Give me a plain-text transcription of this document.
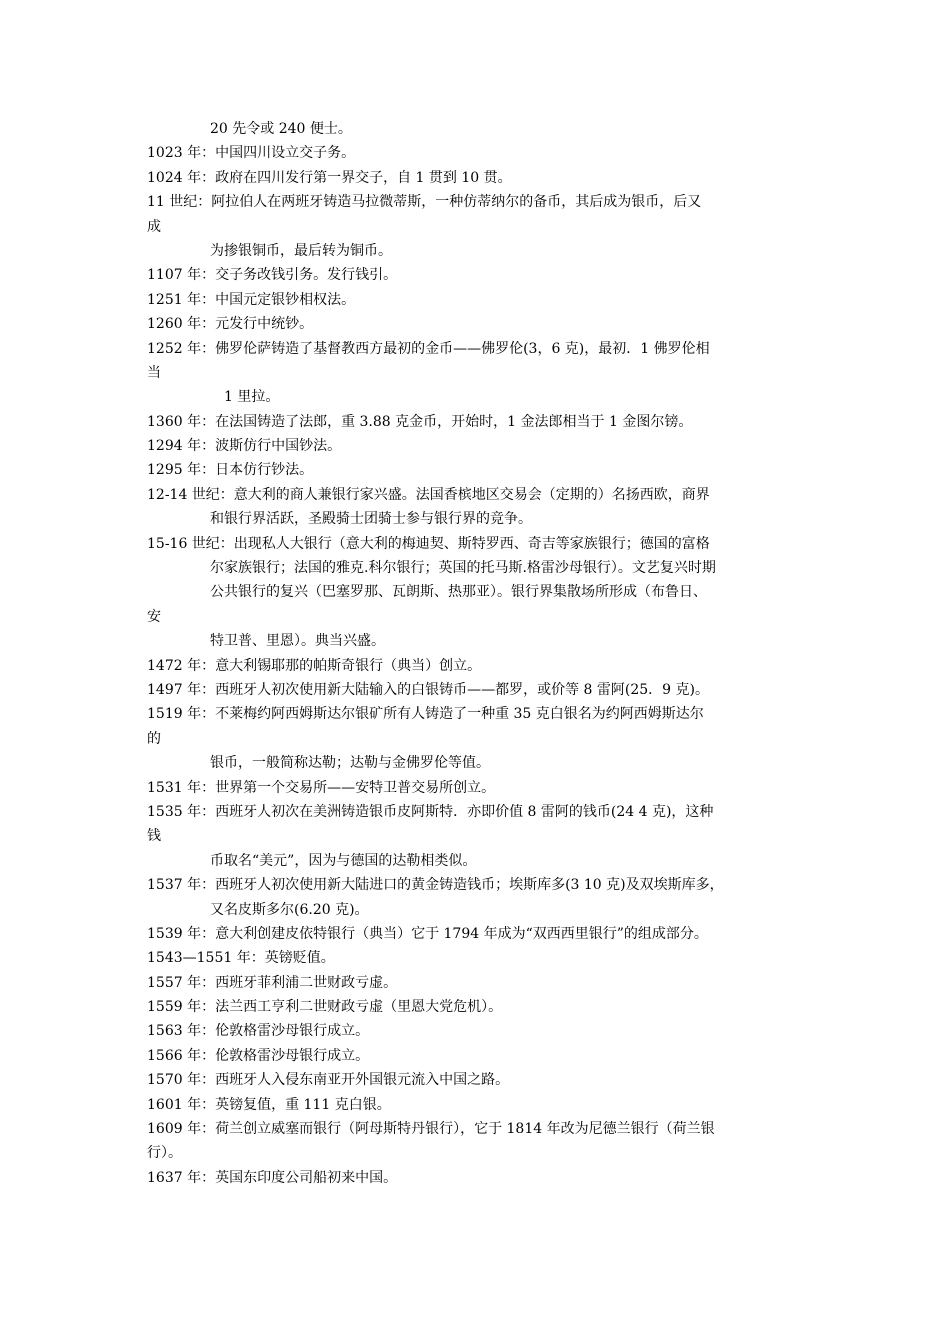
20 先令或 240 便士。
1023 年：中国四川设立交子务。
1024 年：政府在四川发行第一界交子，自 1 贯到 10 贯。
11 世纪：阿拉伯人在两班牙铸造马拉微蒂斯，一种仿蒂纳尔的备币，其后成为银币，后又
成
为掺银铜币，最后转为铜币。
1107 年：交子务改钱引务。发行钱引。
1251 年：中国元定银钞相权法。
1260 年：元发行中统钞。
1252 年：佛罗伦萨铸造了基督教西方最初的金币——佛罗伦(3，6 克)，最初．1 佛罗伦相
当
1 里拉。
1360 年：在法国铸造了法郎，重 3.88 克金币，开始时，1 金法郎相当于 1 金图尔镑。
1294 年：波斯仿行中国钞法。
1295 年：日本仿行钞法。
12-14 世纪：意大利的商人兼银行家兴盛。法国香槟地区交易会（定期的）名扬西欧，商界
和银行界活跃，圣殿骑士团骑士参与银行界的竞争。
15-16 世纪：出现私人大银行（意大利的梅迪契、斯特罗西、奇吉等家族银行；德国的富格
尔家族银行；法国的雅克.科尔银行；英国的托马斯.格雷沙母银行）。文艺复兴时期
公共银行的复兴（巴塞罗那、瓦朗斯、热那亚）。银行界集散场所形成（布鲁日、
安
特卫普、里恩）。典当兴盛。
1472 年：意大利锡耶那的帕斯奇银行（典当）创立。
1497 年：西班牙人初次使用新大陆输入的白银铸币——都罗，或价等 8 雷阿(25．9 克)。
1519 年：不莱梅约阿西姆斯达尔银矿所有人铸造了一种重 35 克白银名为约阿西姆斯达尔
的
银币，一般简称达勒；达勒与金佛罗伦等值。
1531 年：世界第一个交易所——安特卫普交易所创立。
1535 年：西班牙人初次在美洲铸造银币皮阿斯特．亦即价值 8 雷阿的钱币(24 4 克)，这种
钱
币取名“美元”，因为与德国的达勒相类似。
1537 年：西班牙人初次使用新大陆进口的黄金铸造钱币；埃斯库多(3 10 克)及双埃斯库多，
又名皮斯多尔(6.20 克)。
1539 年：意大利创建皮依特银行（典当）它于 1794 年成为“双西西里银行”的组成部分。
1543—1551 年：英镑贬值。
1557 年：西班牙菲利浦二世财政亏虚。
1559 年：法兰西工亨利二世财政亏虚（里恩大党危机）。
1563 年：伦敦格雷沙母银行成立。
1566 年：伦敦格雷沙母银行成立。
1570 年：西班牙人入侵东南亚开外国银元流入中国之路。
1601 年：英镑复值，重 111 克白银。
1609 年：荷兰创立威塞而银行（阿母斯特丹银行），它于 1814 年改为尼德兰银行（荷兰银
行）。
1637 年：英国东印度公司船初来中国。
